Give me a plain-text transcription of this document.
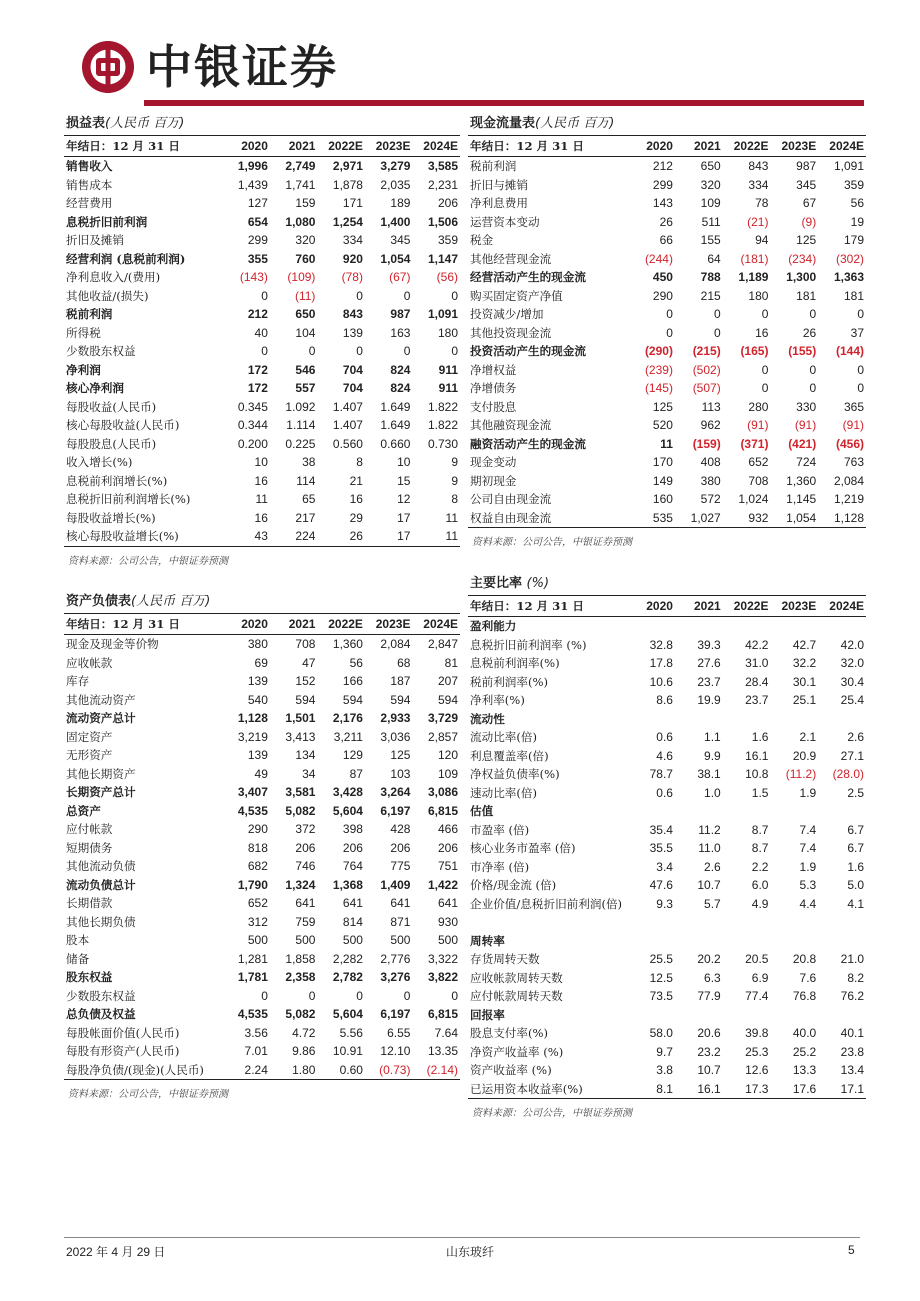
中银证券
损益表(人民币 百万)
年结日：12 月 31 日	2020	2021	2022E	2023E	2024E
销售收入	1,996	2,749	2,971	3,279	3,585
销售成本	1,439	1,741	1,878	2,035	2,231
经营费用	127	159	171	189	206
息税折旧前利润	654	1,080	1,254	1,400	1,506
折旧及摊销	299	320	334	345	359
经营利润 (息税前利润)	355	760	920	1,054	1,147
净利息收入/(费用)	(143)	(109)	(78)	(67)	(56)
其他收益/(损失)	0	(11)	0	0	0
税前利润	212	650	843	987	1,091
所得税	40	104	139	163	180
少数股东权益	0	0	0	0	0
净利润	172	546	704	824	911
核心净利润	172	557	704	824	911
每股收益(人民币)	0.345	1.092	1.407	1.649	1.822
核心每股收益(人民币)	0.344	1.114	1.407	1.649	1.822
每股股息(人民币)	0.200	0.225	0.560	0.660	0.730
收入增长(%)	10	38	8	10	9
息税前利润增长(%)	16	114	21	15	9
息税折旧前利润增长(%)	11	65	16	12	8
每股收益增长(%)	16	217	29	17	11
核心每股收益增长(%)	43	224	26	17	11
资料来源：公司公告，中银证券预测
资产负债表(人民币 百万)
年结日：12 月 31 日	2020	2021	2022E	2023E	2024E
现金及现金等价物	380	708	1,360	2,084	2,847
应收帐款	69	47	56	68	81
库存	139	152	166	187	207
其他流动资产	540	594	594	594	594
流动资产总计	1,128	1,501	2,176	2,933	3,729
固定资产	3,219	3,413	3,211	3,036	2,857
无形资产	139	134	129	125	120
其他长期资产	49	34	87	103	109
长期资产总计	3,407	3,581	3,428	3,264	3,086
总资产	4,535	5,082	5,604	6,197	6,815
应付帐款	290	372	398	428	466
短期债务	818	206	206	206	206
其他流动负债	682	746	764	775	751
流动负债总计	1,790	1,324	1,368	1,409	1,422
长期借款	652	641	641	641	641
其他长期负债	312	759	814	871	930
股本	500	500	500	500	500
储备	1,281	1,858	2,282	2,776	3,322
股东权益	1,781	2,358	2,782	3,276	3,822
少数股东权益	0	0	0	0	0
总负债及权益	4,535	5,082	5,604	6,197	6,815
每股帐面价值(人民币)	3.56	4.72	5.56	6.55	7.64
每股有形资产(人民币)	7.01	9.86	10.91	12.10	13.35
每股净负债/(现金)(人民币)	2.24	1.80	0.60	(0.73)	(2.14)
资料来源：公司公告，中银证券预测
现金流量表(人民币 百万)
年结日：12 月 31 日	2020	2021	2022E	2023E	2024E
税前利润	212	650	843	987	1,091
折旧与摊销	299	320	334	345	359
净利息费用	143	109	78	67	56
运营资本变动	26	511	(21)	(9)	19
税金	66	155	94	125	179
其他经营现金流	(244)	64	(181)	(234)	(302)
经营活动产生的现金流	450	788	1,189	1,300	1,363
购买固定资产净值	290	215	180	181	181
投资减少/增加	0	0	0	0	0
其他投资现金流	0	0	16	26	37
投资活动产生的现金流	(290)	(215)	(165)	(155)	(144)
净增权益	(239)	(502)	0	0	0
净增债务	(145)	(507)	0	0	0
支付股息	125	113	280	330	365
其他融资现金流	520	962	(91)	(91)	(91)
融资活动产生的现金流	11	(159)	(371)	(421)	(456)
现金变动	170	408	652	724	763
期初现金	149	380	708	1,360	2,084
公司自由现金流	160	572	1,024	1,145	1,219
权益自由现金流	535	1,027	932	1,054	1,128
资料来源：公司公告，中银证券预测
主要比率 (%)
年结日：12 月 31 日	2020	2021	2022E	2023E	2024E
盈利能力					
息税折旧前利润率 (%)	32.8	39.3	42.2	42.7	42.0
息税前利润率(%)	17.8	27.6	31.0	32.2	32.0
税前利润率(%)	10.6	23.7	28.4	30.1	30.4
净利率(%)	8.6	19.9	23.7	25.1	25.4
流动性					
流动比率(倍)	0.6	1.1	1.6	2.1	2.6
利息覆盖率(倍)	4.6	9.9	16.1	20.9	27.1
净权益负债率(%)	78.7	38.1	10.8	(11.2)	(28.0)
速动比率(倍)	0.6	1.0	1.5	1.9	2.5
估值					
市盈率 (倍)	35.4	11.2	8.7	7.4	6.7
核心业务市盈率 (倍)	35.5	11.0	8.7	7.4	6.7
市净率 (倍)	3.4	2.6	2.2	1.9	1.6
价格/现金流 (倍)	47.6	10.7	6.0	5.3	5.0
企业价值/息税折旧前利润(倍)	9.3	5.7	4.9	4.4	4.1
周转率					
存货周转天数	25.5	20.2	20.5	20.8	21.0
应收帐款周转天数	12.5	6.3	6.9	7.6	8.2
应付帐款周转天数	73.5	77.9	77.4	76.8	76.2
回报率					
股息支付率(%)	58.0	20.6	39.8	40.0	40.1
净资产收益率 (%)	9.7	23.2	25.3	25.2	23.8
资产收益率 (%)	3.8	10.7	12.6	13.3	13.4
已运用资本收益率(%)	8.1	16.1	17.3	17.6	17.1
资料来源：公司公告，中银证券预测
2022 年 4 月 29 日	山东玻纤	5
